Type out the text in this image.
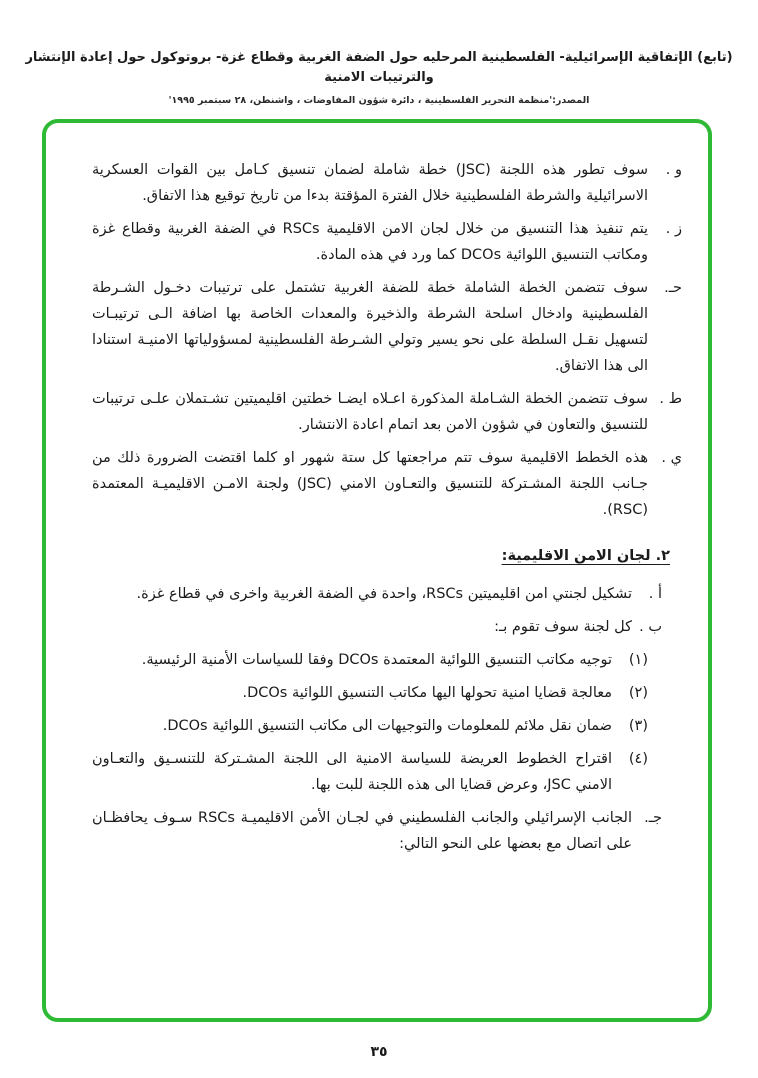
(تابع) الإتفاقية الإسرائيلية- الفلسطينية المرحليه حول الضفة الغربية وقطاع غزة- بروتوكول حول إعادة الإنتشار والترتيبات الامنية
المصدر:'منظمة التحرير الفلسطينية ، دائرة شؤون المفاوضات ، واشنطن، ٢٨ سبتمبر ١٩٩٥'
و .
سوف تطور هذه اللجنة (JSC) خطة شاملة لضمان تنسيق كـامل بين القوات العسكرية الاسرائيلية والشرطة الفلسطينية خلال الفترة المؤقتة بدءا من تاريخ توقيع هذا الاتفاق.
ز .
يتم تنفيذ هذا التنسيق من خلال لجان الامن الاقليمية RSCs في الضفة الغربية وقطاع غزة ومكاتب التنسيق اللوائية DCOs كما ورد في هذه المادة.
حـ.
سوف تتضمن الخطة الشاملة خطة للضفة الغربية تشتمل على ترتيبات دخـول الشـرطة الفلسطينية وادخال اسلحة الشرطة والذخيرة والمعدات الخاصة بها اضافة الـى ترتيبـات لتسهيل نقـل السلطة على نحو يسير وتولي الشـرطة الفلسطينية لمسؤولياتها الامنيـة استنادا الى هذا الاتفاق.
ط .
سوف تتضمن الخطة الشـاملة المذكورة اعـلاه ايضـا خطتين اقليميتين تشـتملان علـى ترتيبات للتنسيق والتعاون في شؤون الامن بعد اتمام اعادة الانتشار.
ي .
هذه الخطط الاقليمية سوف تتم مراجعتها كل ستة شهور او كلما اقتضت الضرورة ذلك من جـانب اللجنة المشـتركة للتنسيق والتعـاون الامني (JSC) ولجنة الامـن الاقليميـة المعتمدة (RSC).
٢. لجان الامن الاقليمية:
أ .
تشكيل لجنتي امن اقليميتين RSCs، واحدة في الضفة الغربية واخرى في قطاع غزة.
ب .
كل لجنة سوف تقوم بـ:
(١)
توجيه مكاتب التنسيق اللوائية المعتمدة DCOs وفقا للسياسات الأمنية الرئيسية.
(٢)
معالجة قضايا امنية تحولها اليها مكاتب التنسيق اللوائية DCOs.
(٣)
ضمان نقل ملائم للمعلومات والتوجيهات الى مكاتب التنسيق اللوائية DCOs.
(٤)
اقتراح الخطوط العريضة للسياسة الامنية الى اللجنة المشـتركة للتنسـيق والتعـاون الامني JSC، وعرض قضايا الى هذه اللجنة للبت بها.
جـ.
الجانب الإسرائيلي والجانب الفلسطيني في لجـان الأمن الاقليميـة RSCs سـوف يحافظـان على اتصال مع بعضها على النحو التالي:
٣٥
